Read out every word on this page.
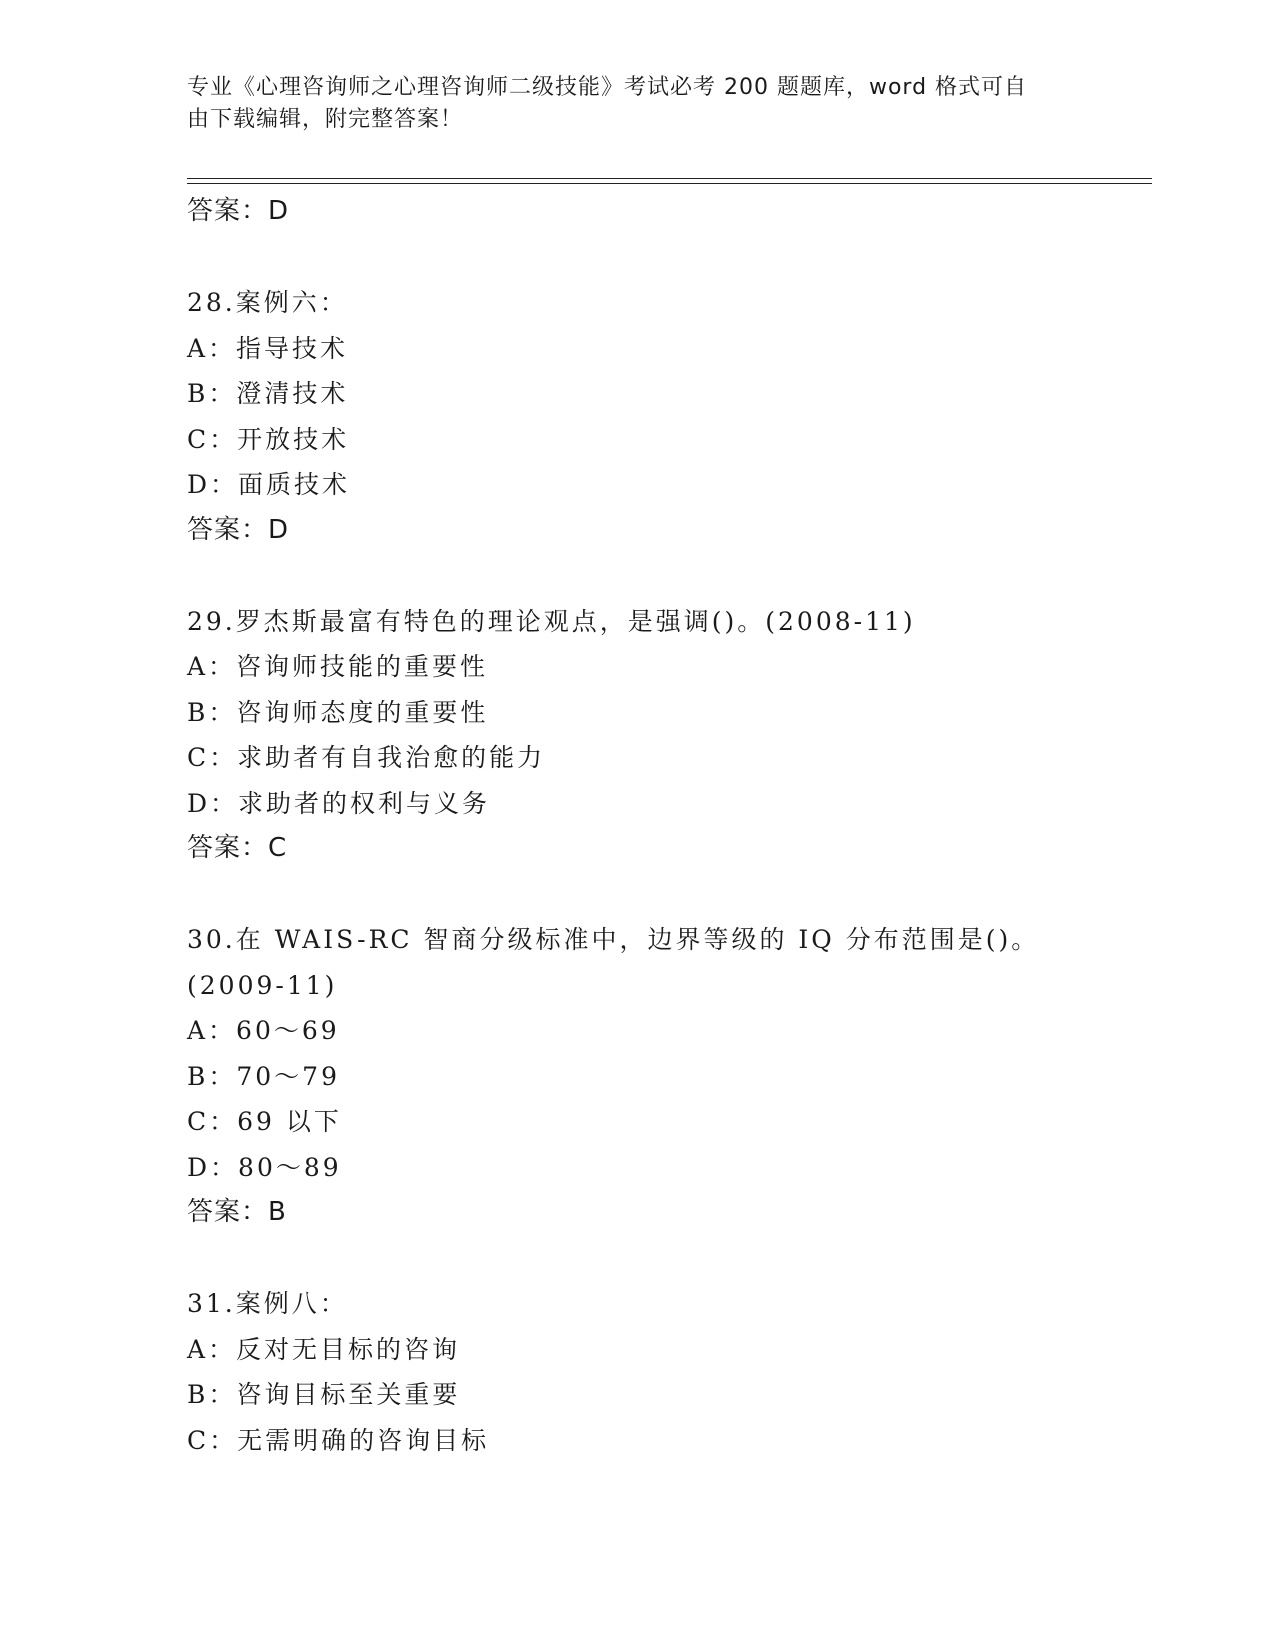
专业《心理咨询师之心理咨询师二级技能》考试必考 200 题题库，word 格式可自
由下载编辑，附完整答案！
答案：D
28.案例六：
A：指导技术
B：澄清技术
C：开放技术
D：面质技术
答案：D
29.罗杰斯最富有特色的理论观点，是强调()。(2008-11)
A：咨询师技能的重要性
B：咨询师态度的重要性
C：求助者有自我治愈的能力
D：求助者的权利与义务
答案：C
30.在 WAIS-RC 智商分级标准中，边界等级的 IQ 分布范围是()。
(2009-11)
A：60～69
B：70～79
C：69 以下
D：80～89
答案：B
31.案例八：
A：反对无目标的咨询
B：咨询目标至关重要
C：无需明确的咨询目标
